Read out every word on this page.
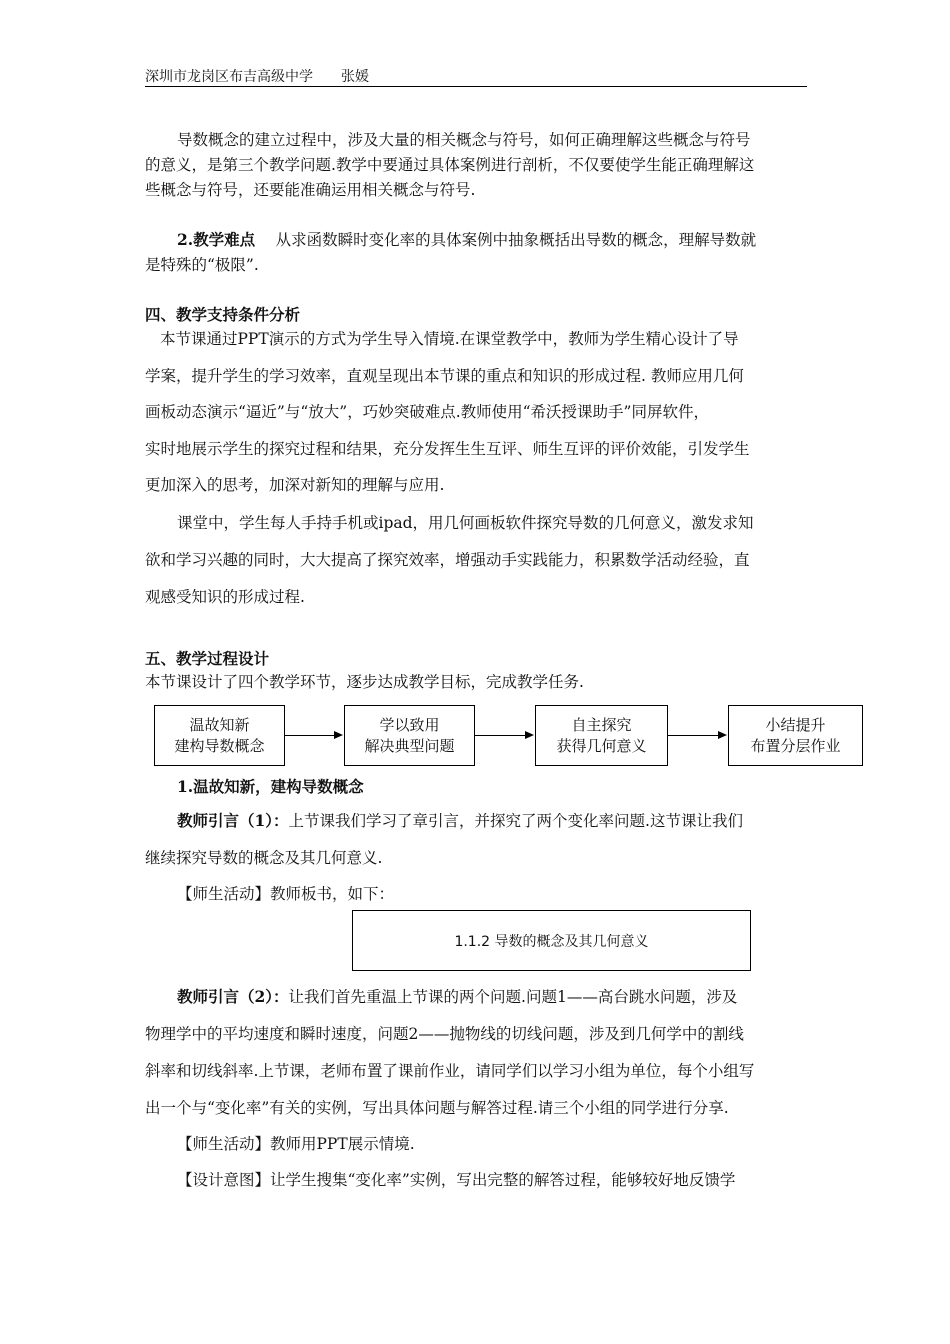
深圳市龙岗区布吉高级中学　　 张媛
导数概念的建立过程中，涉及大量的相关概念与符号，如何正确理解这些概念与符号
的意义，是第三个教学问题.教学中要通过具体案例进行剖析，不仅要使学生能正确理解这
些概念与符号，还要能准确运用相关概念与符号.
2.教学难点　 从求函数瞬时变化率的具体案例中抽象概括出导数的概念，理解导数就
是特殊的“极限”.
四、教学支持条件分析
本节课通过PPT演示的方式为学生导入情境.在课堂教学中，教师为学生精心设计了导
学案，提升学生的学习效率，直观呈现出本节课的重点和知识的形成过程. 教师应用几何
画板动态演示“逼近”与“放大”，巧妙突破难点.教师使用“希沃授课助手”同屏软件，
实时地展示学生的探究过程和结果，充分发挥生生互评、师生互评的评价效能，引发学生
更加深入的思考，加深对新知的理解与应用.
课堂中，学生每人手持手机或ipad，用几何画板软件探究导数的几何意义，激发求知
欲和学习兴趣的同时，大大提高了探究效率，增强动手实践能力，积累数学活动经验，直
观感受知识的形成过程.
五、教学过程设计
本节课设计了四个教学环节，逐步达成教学目标，完成教学任务.
温故知新
建构导数概念
学以致用
解决典型问题
自主探究
获得几何意义
小结提升
布置分层作业
1.温故知新，建构导数概念
教师引言（1）：上节课我们学习了章引言，并探究了两个变化率问题.这节课让我们
继续探究导数的概念及其几何意义.
【师生活动】教师板书，如下：
1.1.2 导数的概念及其几何意义
教师引言（2）：让我们首先重温上节课的两个问题.问题1——高台跳水问题，涉及
物理学中的平均速度和瞬时速度，问题2——抛物线的切线问题，涉及到几何学中的割线
斜率和切线斜率.上节课，老师布置了课前作业，请同学们以学习小组为单位，每个小组写
出一个与“变化率”有关的实例，写出具体问题与解答过程.请三个小组的同学进行分享.
【师生活动】教师用PPT展示情境.
【设计意图】让学生搜集“变化率”实例，写出完整的解答过程，能够较好地反馈学
